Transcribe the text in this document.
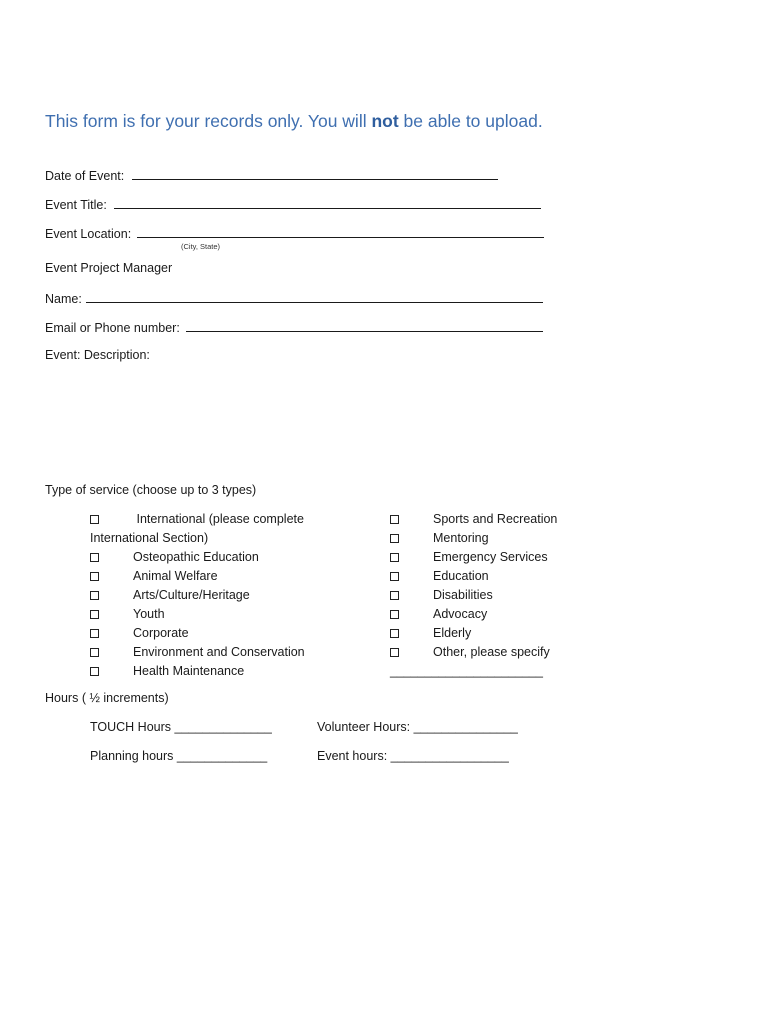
This form is for your records only. You will not be able to upload.
Date of Event:
Event Title:
Event Location:
(City, State)
Event Project Manager
Name:
Email or Phone number:
Event: Description:
Type of service (choose up to 3 types)
International (please complete
International Section)
Osteopathic Education
Animal Welfare
Arts/Culture/Heritage
Youth
Corporate
Environment and Conservation
Health Maintenance
Sports and Recreation
Mentoring
Emergency Services
Education
Disabilities
Advocacy
Elderly
Other, please specify
______________________
Hours ( ½ increments)
TOUCH Hours ______________	Volunteer Hours: _______________
Planning hours _____________	Event hours: _________________
